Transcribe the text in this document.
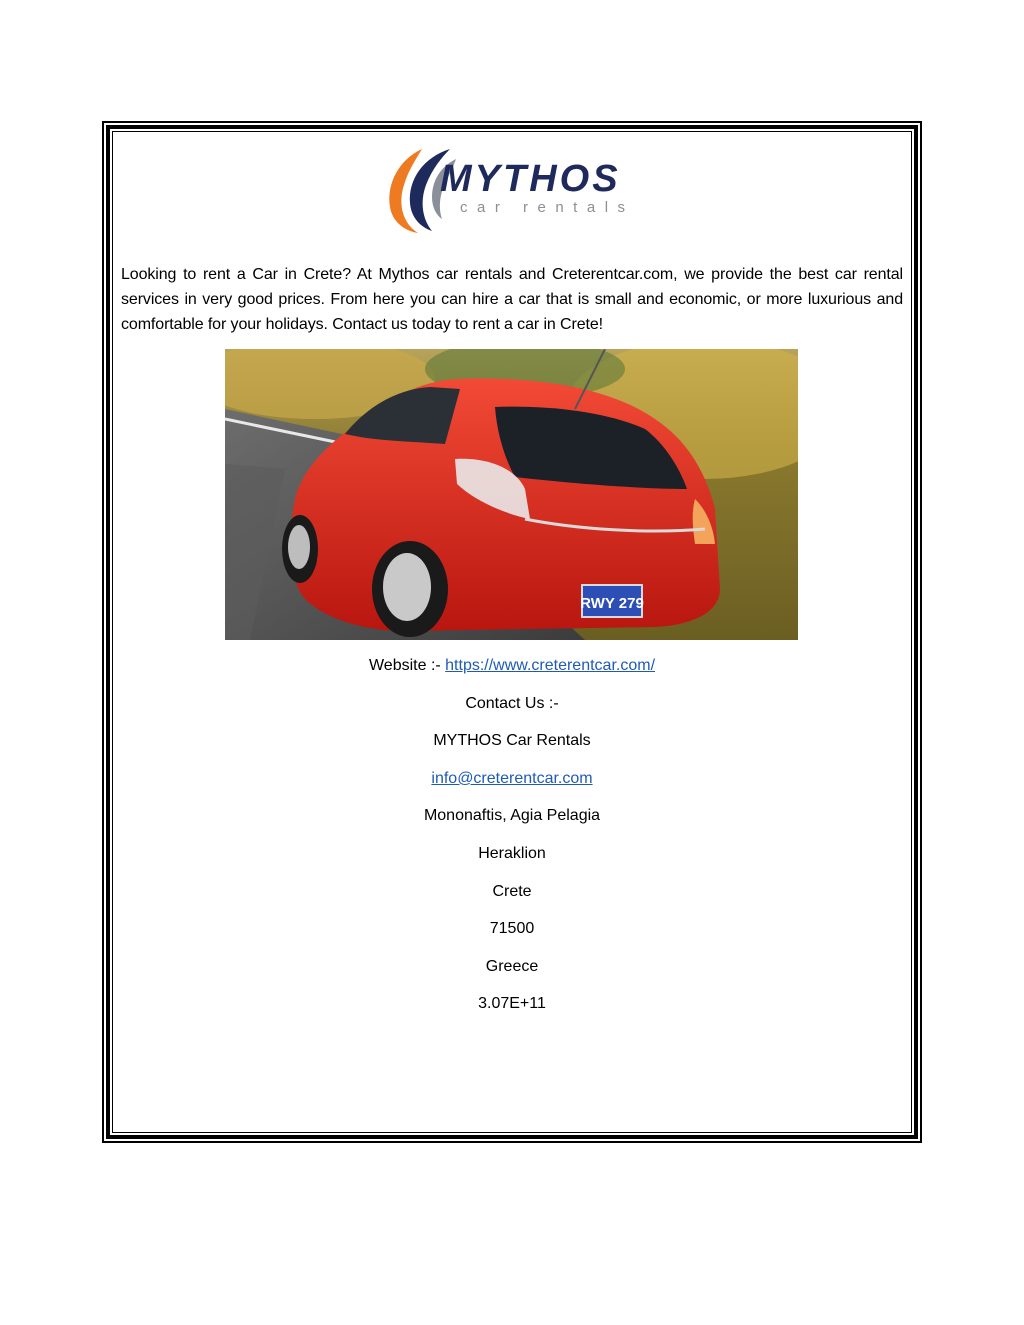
MYTHOS
car rentals

Looking to rent a Car in Crete? At Mythos car rentals and Creterentcar.com, we provide the best car rental services in very good prices. From here you can hire a car that is small and economic, or more luxurious and comfortable for your holidays. Contact us today to rent a car in Crete!

RWY 279
Website :- https://www.creterentcar.com/
Contact Us :-
MYTHOS Car Rentals
info@creterentcar.com
Mononaftis, Agia Pelagia
Heraklion
Crete
71500
Greece
3.07E+11
